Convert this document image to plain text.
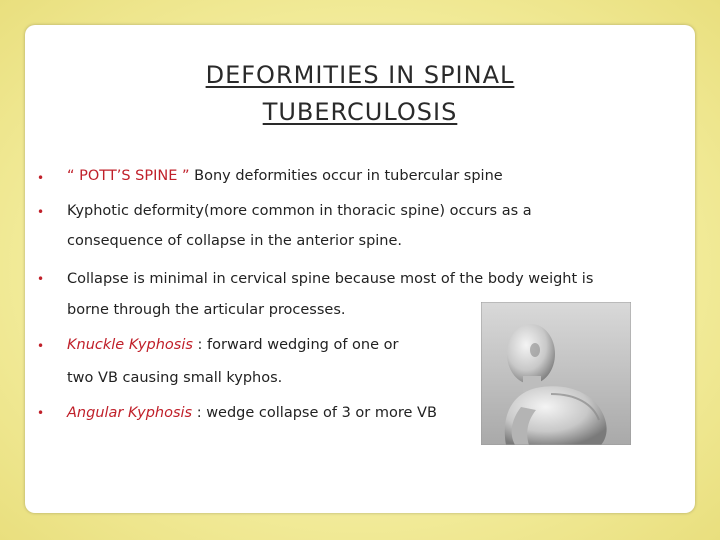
DEFORMITIES IN SPINAL
TUBERCULOSIS
• “ POTT’S SPINE ” Bony deformities occur in tubercular spine
• Kyphotic deformity(more common in thoracic spine) occurs as a
consequence of collapse in the anterior spine.
• Collapse is minimal in cervical spine because most of the body weight is
borne through the articular processes.
• Knuckle Kyphosis : forward wedging of one or
two VB causing small kyphos.
• Angular Kyphosis : wedge collapse of 3 or more VB
